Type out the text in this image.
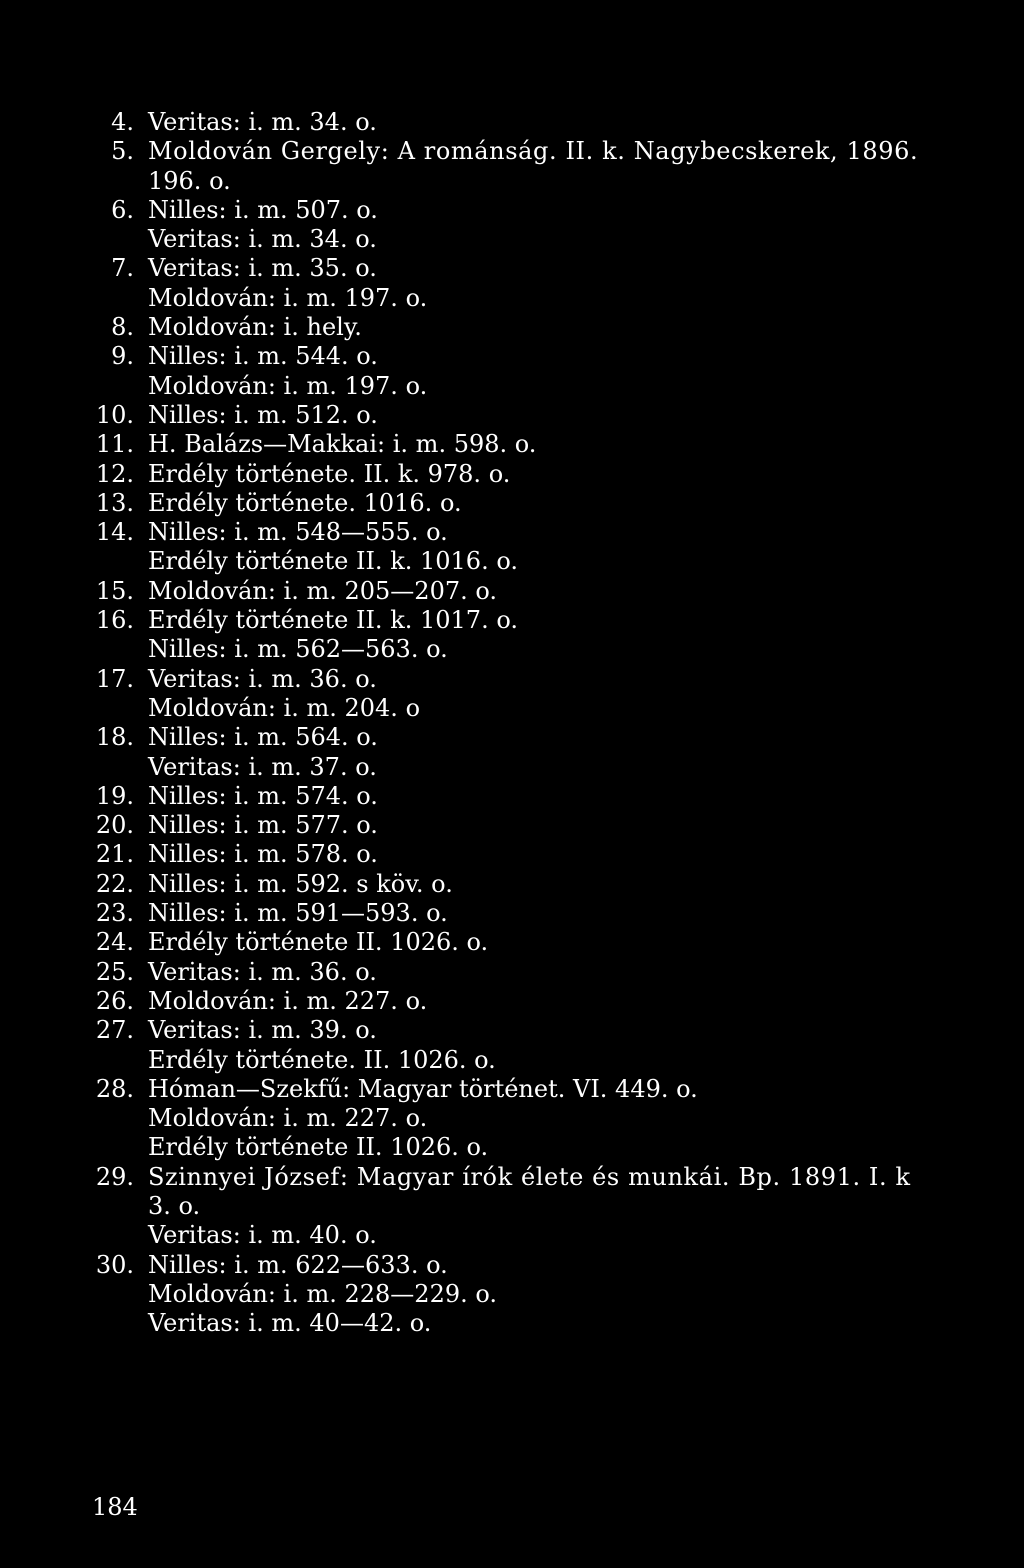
4. Veritas: i. m. 34. o.
5. Moldován Gergely: A románság. II. k. Nagybecskerek, 1896.
196. o.
6. Nilles: i. m. 507. o.
Veritas: i. m. 34. o.
7. Veritas: i. m. 35. o.
Moldován: i. m. 197. o.
8. Moldován: i. hely.
9. Nilles: i. m. 544. o.
Moldován: i. m. 197. o.
10. Nilles: i. m. 512. o.
11. H. Balázs—Makkai: i. m. 598. o.
12. Erdély története. II. k. 978. o.
13. Erdély története. 1016. o.
14. Nilles: i. m. 548—555. o.
Erdély története II. k. 1016. o.
15. Moldován: i. m. 205—207. o.
16. Erdély története II. k. 1017. o.
Nilles: i. m. 562—563. o.
17. Veritas: i. m. 36. o.
Moldován: i. m. 204. o
18. Nilles: i. m. 564. o.
Veritas: i. m. 37. o.
19. Nilles: i. m. 574. o.
20. Nilles: i. m. 577. o.
21. Nilles: i. m. 578. o.
22. Nilles: i. m. 592. s köv. o.
23. Nilles: i. m. 591—593. o.
24. Erdély története II. 1026. o.
25. Veritas: i. m. 36. o.
26. Moldován: i. m. 227. o.
27. Veritas: i. m. 39. o.
Erdély története. II. 1026. o.
28. Hóman—Szekfű: Magyar történet. VI. 449. o.
Moldován: i. m. 227. o.
Erdély története II. 1026. o.
29. Szinnyei József: Magyar írók élete és munkái. Bp. 1891. I. k
3. o.
Veritas: i. m. 40. o.
30. Nilles: i. m. 622—633. o.
Moldován: i. m. 228—229. o.
Veritas: i. m. 40—42. o.
184
